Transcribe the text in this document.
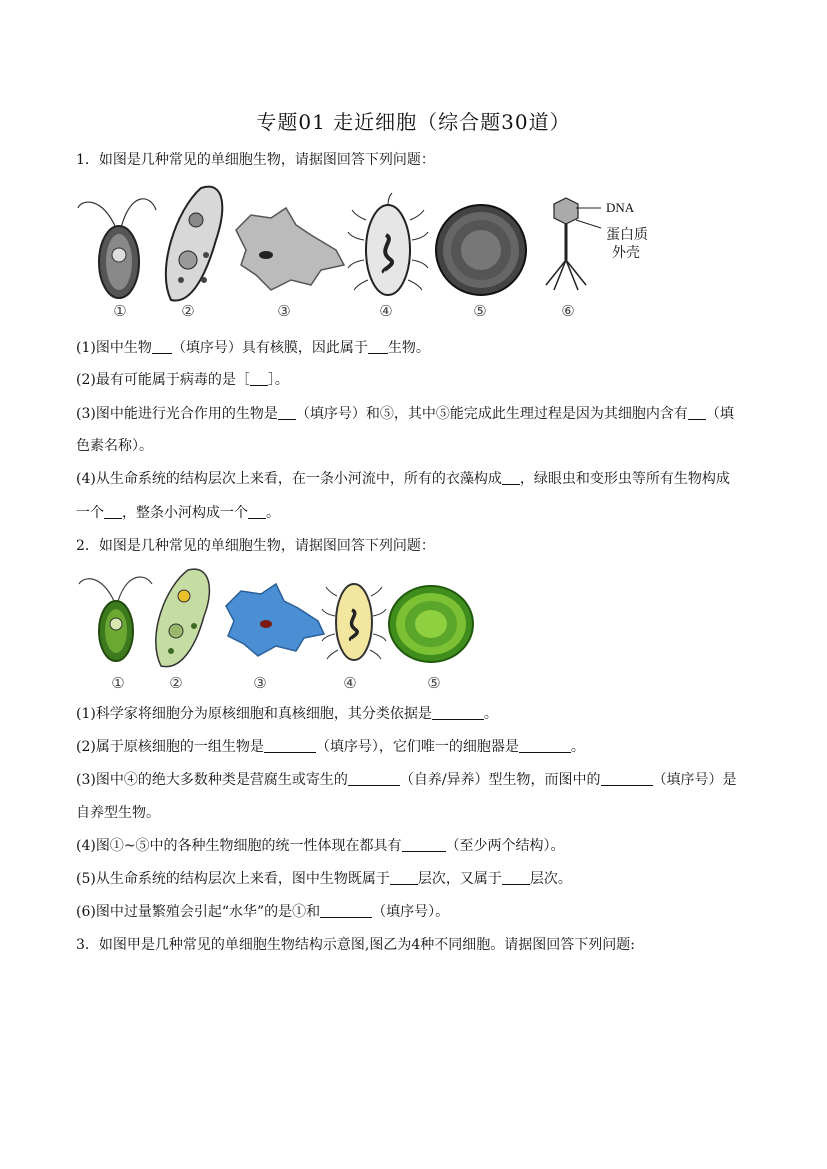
专题01 走近细胞（综合题30道）
1．如图是几种常见的单细胞生物，请据图回答下列问题：
DNA
蛋白质
外壳
①	②	③	④	⑤	⑥
(1)图中生物 （填序号）具有核膜，因此属于 生物。
(2)最有可能属于病毒的是［ ］。
(3)图中能进行光合作用的生物是 （填序号）和⑤，其中⑤能完成此生理过程是因为其细胞内含有 （填
色素名称）。
(4)从生命系统的结构层次上来看，在一条小河流中，所有的衣藻构成 ，绿眼虫和变形虫等所有生物构成
一个 ，整条小河构成一个 。
2．如图是几种常见的单细胞生物，请据图回答下列问题：
①	②	③	④	⑤
(1)科学家将细胞分为原核细胞和真核细胞，其分类依据是	。
(2)属于原核细胞的一组生物是	（填序号），它们唯一的细胞器是	。
(3)图中④的绝大多数种类是营腐生或寄生的	（自养/异养）型生物，而图中的	（填序号）是
自养型生物。
(4)图①~⑤中的各种生物细胞的统一性体现在都具有	（至少两个结构）。
(5)从生命系统的结构层次上来看，图中生物既属于 层次，又属于 层次。
(6)图中过量繁殖会引起“水华”的是①和	（填序号）。
3．如图甲是几种常见的单细胞生物结构示意图,图乙为4种不同细胞。请据图回答下列问题:
